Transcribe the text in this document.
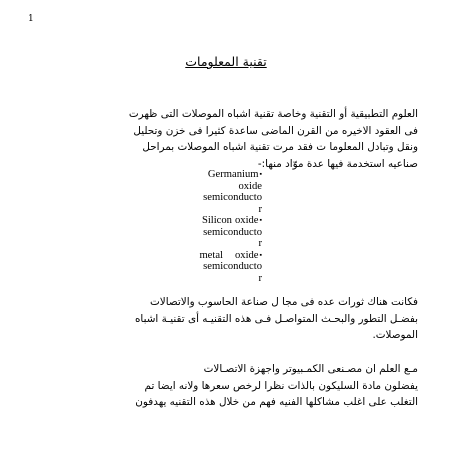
1
تقنية المعلومات

العلوم التطبيقية أو التقنية وخاصة تقنية اشباه الموصلات التى ظهرت
فى العقود الاخيره من القرن الماضى ساعدة كثيرا فى خزن وتحليل
ونقل وتبادل المعلوما ت فقد مرت تقنية اشباه الموصلات بمراحل
صناعيه استخدمة فيها عدة موّاد منها:-

Germanium ▪
oxide
semiconducto
r
Silicon oxide ▪
semiconducto
r
metal oxide ▪
semiconducto
r

فكانت هناك ثورات عده فى مجا ل صناعة الحاسوب والاتصالات
بفضـل التطور والبحـث المتواصـل فـى هذه التقنيـه أى تقنيـة اشباه
الموصلات.

مـع العلم ان مصـنعى الكمـبيوتر واجهزة الاتصـالات
يفضلون مادة السليكون بالذات نظرا لرخص سعرها ولانه ايضا تم
التغلب على اغلب مشاكلها الفنيه فهم من خلال هذه التقنيه يهدفون
